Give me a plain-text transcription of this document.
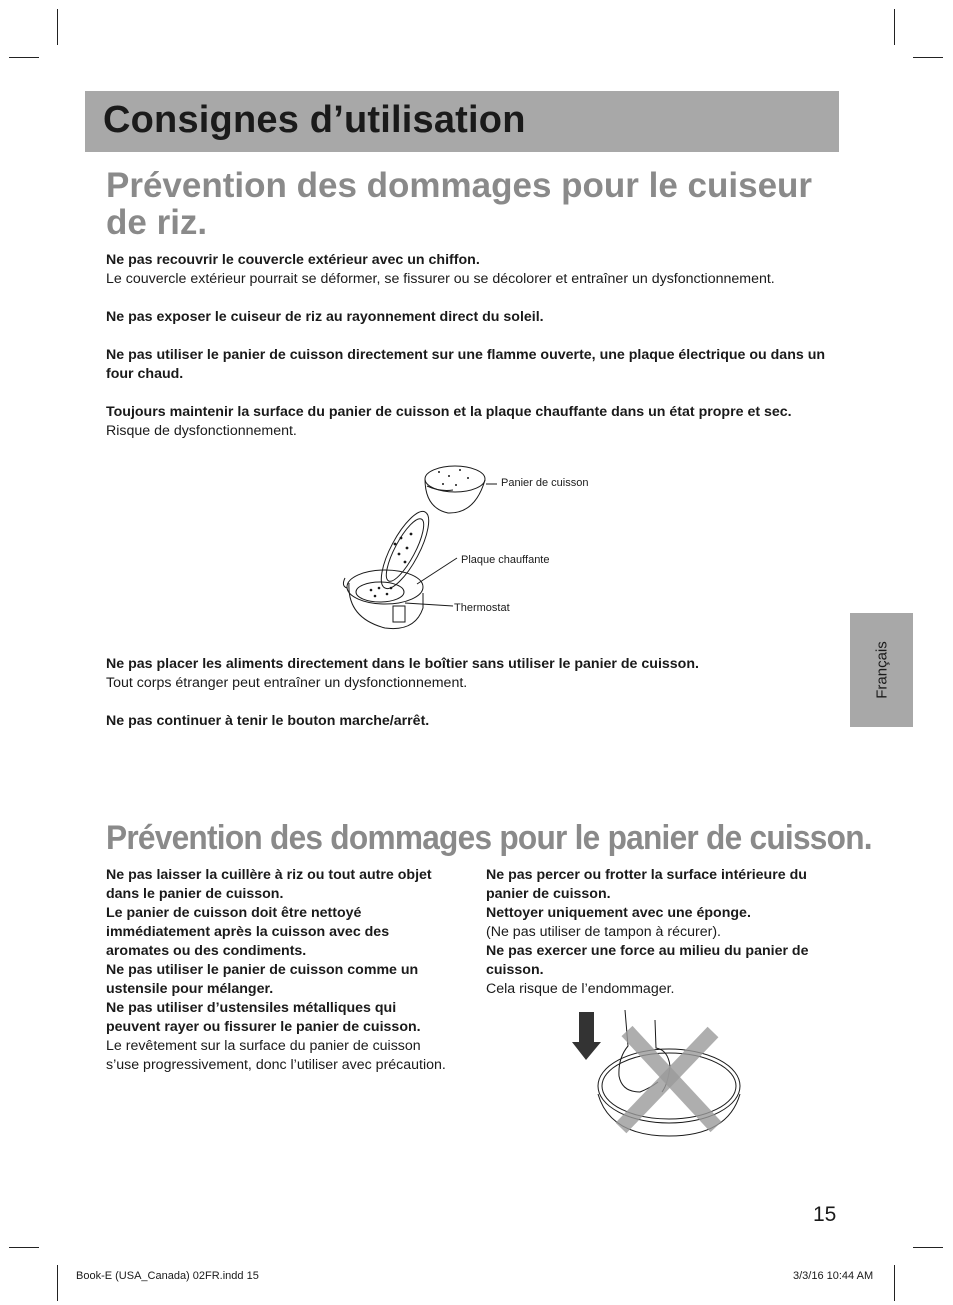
Consignes d’utilisation
Prévention des dommages pour le cuiseur de riz.
Ne pas recouvrir le couvercle extérieur avec un chiffon.
Le couvercle extérieur pourrait se déformer, se fissurer ou se décolorer et entraîner un dysfonctionnement.
Ne pas exposer le cuiseur de riz au rayonnement direct du soleil.
Ne pas utiliser le panier de cuisson directement sur une flamme ouverte, une plaque électrique ou dans un four chaud.
Toujours maintenir la surface du panier de cuisson et la plaque chauffante dans un état propre et sec.
Risque de dysfonctionnement.
Panier de cuisson
Plaque chauffante
Thermostat
Ne pas placer les aliments directement dans le boîtier sans utiliser le panier de cuisson.
Tout corps étranger peut entraîner un dysfonctionnement.
Ne pas continuer à tenir le bouton marche/arrêt.
Français
Prévention des dommages pour le panier de cuisson.
Ne pas laisser la cuillère à riz ou tout autre objet dans le panier de cuisson.
Le panier de cuisson doit être nettoyé immédiatement après la cuisson avec des aromates ou des condiments.
Ne pas utiliser le panier de cuisson comme un ustensile pour mélanger.
Ne pas utiliser d’ustensiles métalliques qui peuvent rayer ou fissurer le panier de cuisson.
Le revêtement sur la surface du panier de cuisson s’use progressivement, donc l’utiliser avec précaution.
Ne pas percer ou frotter la surface intérieure du panier de cuisson.
Nettoyer uniquement avec une éponge.
(Ne pas utiliser de tampon à récurer).
Ne pas exercer une force au milieu du panier de cuisson.
Cela risque de l’endommager.
15
Book-E (USA_Canada) 02FR.indd 15	3/3/16 10:44 AM
